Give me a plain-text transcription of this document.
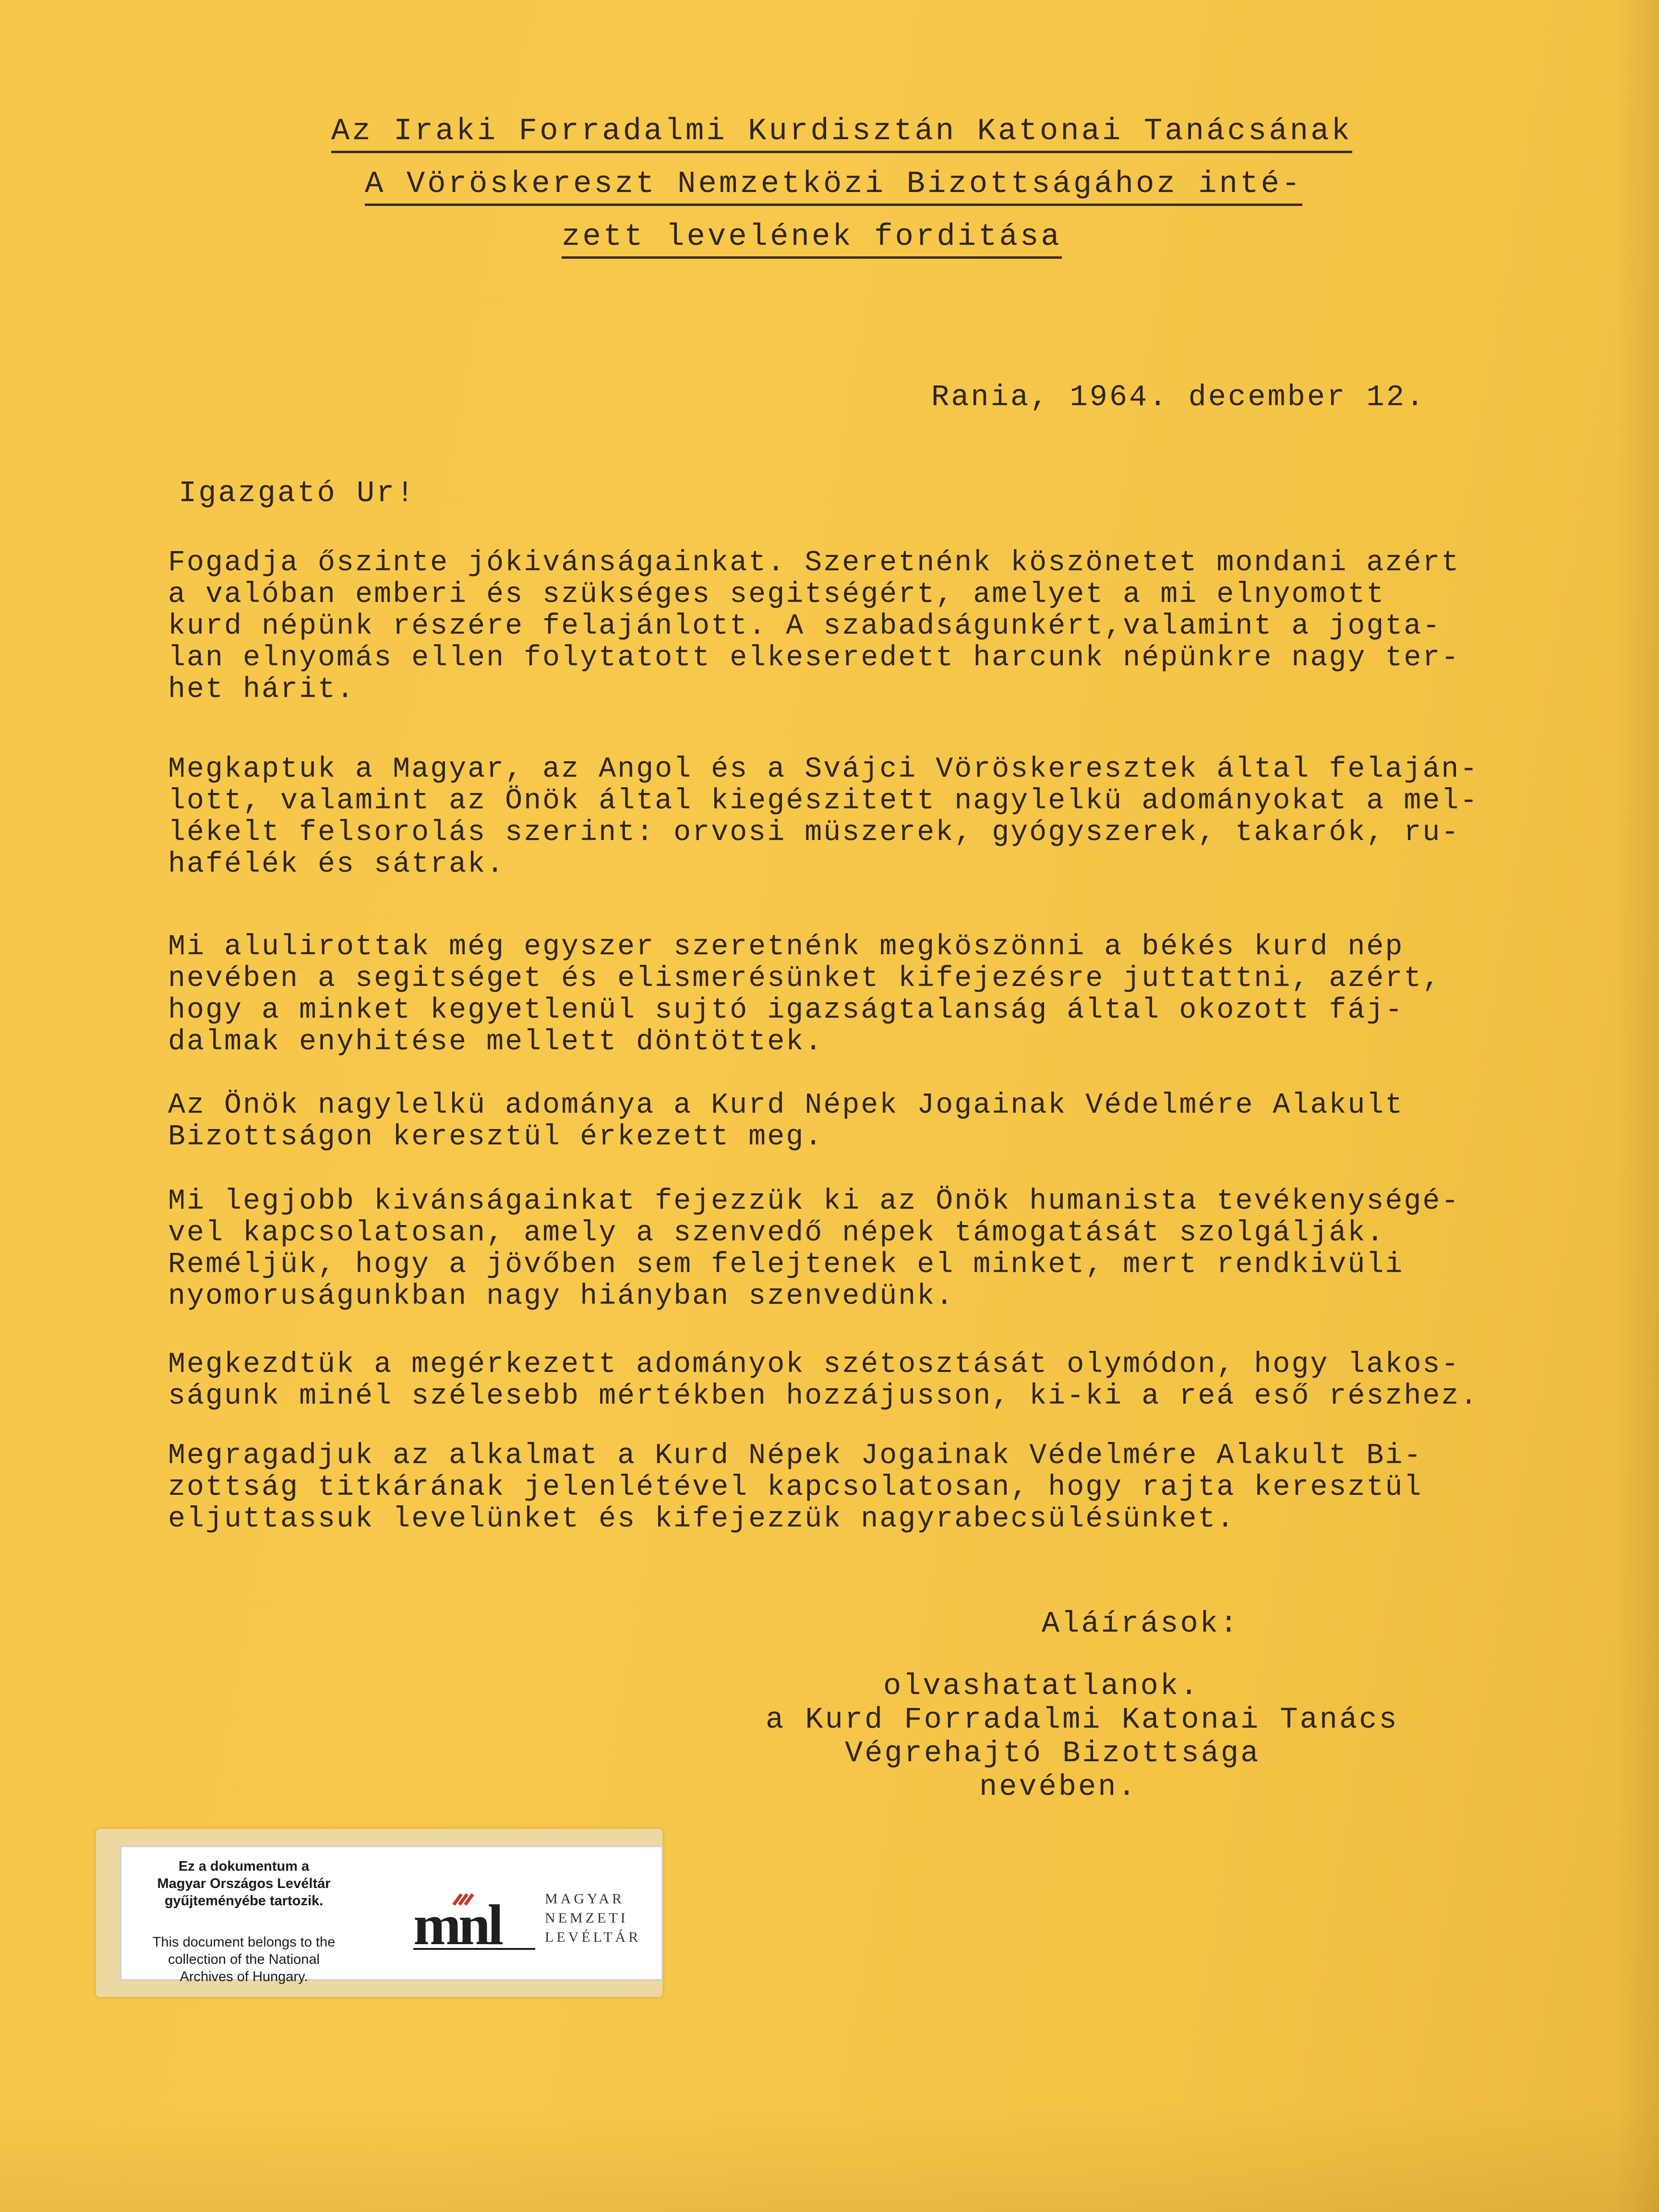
Az Iraki Forradalmi Kurdisztán Katonai Tanácsának
A Vöröskereszt Nemzetközi Bizottságához inté-
zett levelének forditása
Rania, 1964. december 12.
Igazgató Ur!
Fogadja őszinte jókivánságainkat. Szeretnénk köszönetet mondani azért
a valóban emberi és szükséges segitségért, amelyet a mi elnyomott
kurd népünk részére felajánlott. A szabadságunkért,valamint a jogta-
lan elnyomás ellen folytatott elkeseredett harcunk népünkre nagy ter-
het hárit.
Megkaptuk a Magyar, az Angol és a Svájci Vöröskeresztek által felaján-
lott, valamint az Önök által kiegészitett nagylelkü adományokat a mel-
lékelt felsorolás szerint: orvosi müszerek, gyógyszerek, takarók, ru-
hafélék és sátrak.
Mi alulirottak még egyszer szeretnénk megköszönni a békés kurd nép
nevében a segitséget és elismerésünket kifejezésre juttattni, azért,
hogy a minket kegyetlenül sujtó igazságtalanság által okozott fáj-
dalmak enyhitése mellett döntöttek.
Az Önök nagylelkü adománya a Kurd Népek Jogainak Védelmére Alakult
Bizottságon keresztül érkezett meg.
Mi legjobb kivánságainkat fejezzük ki az Önök humanista tevékenységé-
vel kapcsolatosan, amely a szenvedő népek támogatását szolgálják.
Reméljük, hogy a jövőben sem felejtenek el minket, mert rendkivüli
nyomoruságunkban nagy hiányban szenvedünk.
Megkezdtük a megérkezett adományok szétosztását olymódon, hogy lakos-
ságunk minél szélesebb mértékben hozzájusson, ki-ki a reá eső részhez.
Megragadjuk az alkalmat a Kurd Népek Jogainak Védelmére Alakult Bi-
zottság titkárának jelenlétével kapcsolatosan, hogy rajta keresztül
eljuttassuk levelünket és kifejezzük nagyrabecsülésünket.
Aláírások:
olvashatatlanok.
a Kurd Forradalmi Katonai Tanács
Végrehajtó Bizottsága
nevében.
Ez a dokumentum a
Magyar Országos Levéltár
gyűjteményébe tartozik.
This document belongs to the
collection of the National
Archives of Hungary.
mnl	MAGYAR
NEMZETI
LEVÉLTÁR
